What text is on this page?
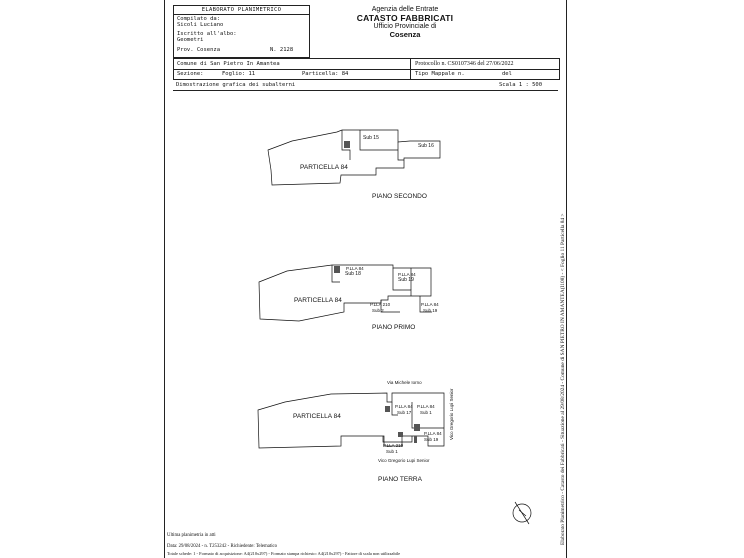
ELABORATO PLANIMETRICO
Compilato da:
Sicoli Luciano
Iscritto all'albo:
Geometri
Prov. Cosenza	N. 2128
Agenzia delle Entrate
CATASTO FABBRICATI
Ufficio Provinciale di
Cosenza
Comune di San Pietro In Amantea	Protocollo n. CS0107346 del 27/06/2022
Sezione:	Foglio: 11	Particella: 84	Tipo Mappale n.	del
Dimostrazione grafica dei subalterni	Scala 1 : 500
PARTICELLA 84
PIANO SECONDO
Sub 15
Sub 16
PARTICELLA 84
PIANO PRIMO
P.LLA 84
Sub 18	P.LLA 84
Sub 19
P.LLA 210
Sub 2
P.LLA 84
Sub 19
PARTICELLA 84
PIANO TERRA
Via Michele Iorno
Vico Gregorio Lupi Senior
Vico Gregorio Lupi Senior
P.LLA 84
Sub 17
P.LLA 84
Sub 1
P.LLA 84
Sub 19
P.LLA 210
Sub 1	Elaborato Planimetrico - Catasto dei Fabbricati - Situazione al 29/08/2024 - Comune di SAN PIETRO IN AMANTEA(I108) - < Foglio 11 Particella 84 >
Ultima planimetria in atti
Data: 29/08/2024 - n. T253242 - Richiedente: Telematico
Totale schede: 1 - Formato di acquisizione: A4(210x297) - Formato stampa richiesto: A4(210x297) - Fattore di scala non utilizzabile
